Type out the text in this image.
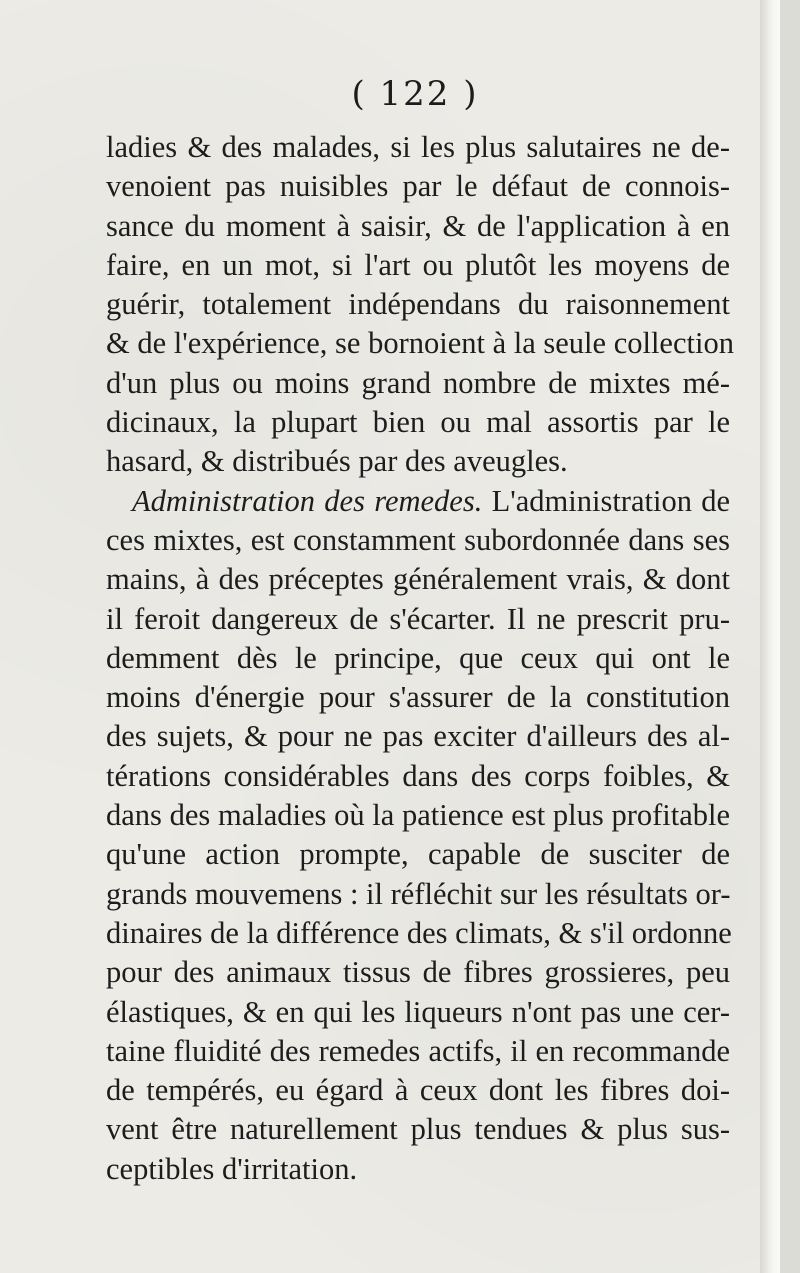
( 122 )
ladies & des malades, si les plus salutaires ne de-
venoient pas nuisibles par le défaut de connois-
sance du moment à saisir, & de l'application à en
faire, en un mot, si l'art ou plutôt les moyens de
guérir, totalement indépendans du raisonnement
& de l'expérience, se bornoient à la seule collection
d'un plus ou moins grand nombre de mixtes mé-
dicinaux, la plupart bien ou mal assortis par le
hasard, & distribués par des aveugles.
Administration des remedes. L'administration de
ces mixtes, est constamment subordonnée dans ses
mains, à des préceptes généralement vrais, & dont
il feroit dangereux de s'écarter. Il ne prescrit pru-
demment dès le principe, que ceux qui ont le
moins d'énergie pour s'assurer de la constitution
des sujets, & pour ne pas exciter d'ailleurs des al-
térations considérables dans des corps foibles, &
dans des maladies où la patience est plus profitable
qu'une action prompte, capable de susciter de
grands mouvemens : il réfléchit sur les résultats or-
dinaires de la différence des climats, & s'il ordonne
pour des animaux tissus de fibres grossieres, peu
élastiques, & en qui les liqueurs n'ont pas une cer-
taine fluidité des remedes actifs, il en recommande
de tempérés, eu égard à ceux dont les fibres doi-
vent être naturellement plus tendues & plus sus-
ceptibles d'irritation.
